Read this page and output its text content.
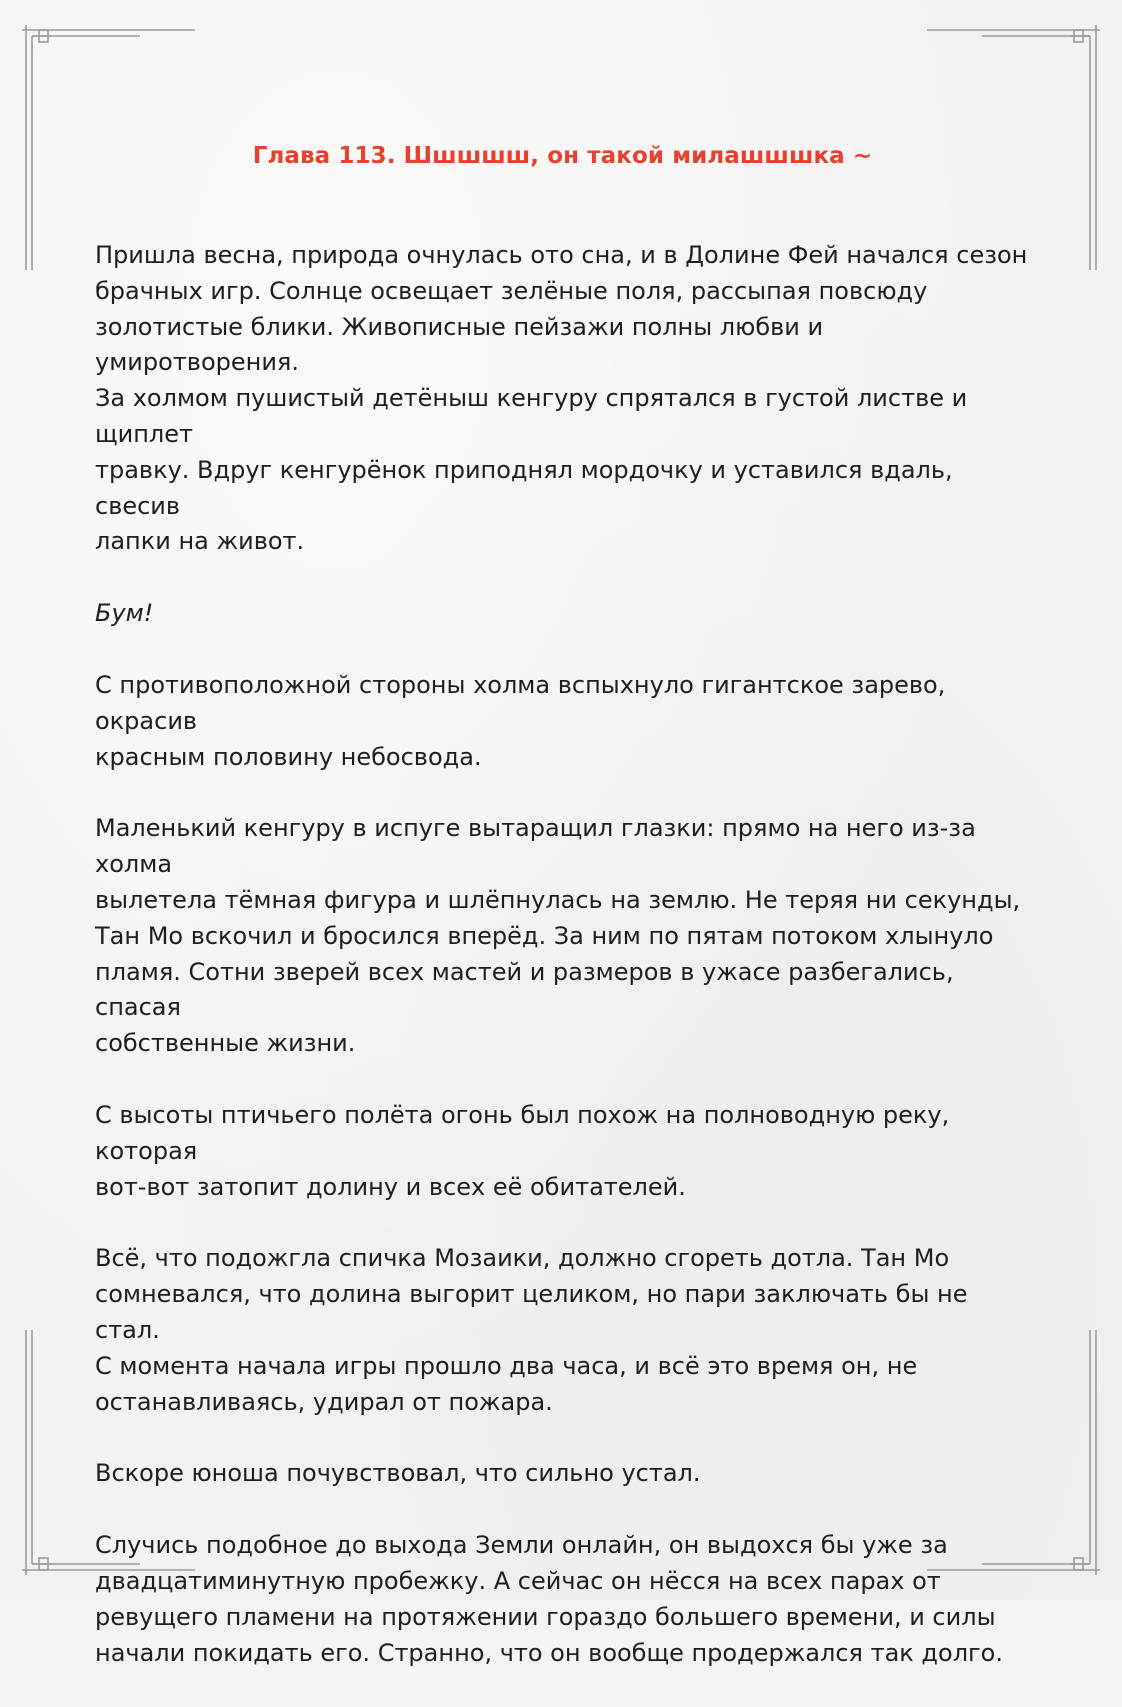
Глава 113. Шшшшш, он такой милашшшка ~

Пришла весна, природа очнулась ото сна, и в Долине Фей начался сезон
брачных игр. Солнце освещает зелёные поля, рассыпая повсюду
золотистые блики. Живописные пейзажи полны любви и умиротворения.
За холмом пушистый детёныш кенгуру спрятался в густой листве и щиплет
травку. Вдруг кенгурёнок приподнял мордочку и уставился вдаль, свесив
лапки на живот.

Бум!

С противоположной стороны холма вспыхнуло гигантское зарево, окрасив
красным половину небосвода.

Маленький кенгуру в испуге вытаращил глазки: прямо на него из-за холма
вылетела тёмная фигура и шлёпнулась на землю. Не теряя ни секунды,
Тан Мо вскочил и бросился вперёд. За ним по пятам потоком хлынуло
пламя. Сотни зверей всех мастей и размеров в ужасе разбегались, спасая
собственные жизни.

С высоты птичьего полёта огонь был похож на полноводную реку, которая
вот-вот затопит долину и всех её обитателей.

Всё, что подожгла спичка Мозаики, должно сгореть дотла. Тан Мо
сомневался, что долина выгорит целиком, но пари заключать бы не стал.
С момента начала игры прошло два часа, и всё это время он, не
останавливаясь, удирал от пожара.

Вскоре юноша почувствовал, что сильно устал.

Случись подобное до выхода Земли онлайн, он выдохся бы уже за
двадцатиминутную пробежку. А сейчас он нёсся на всех парах от
ревущего пламени на протяжении гораздо большего времени, и силы
начали покидать его. Странно, что он вообще продержался так долго.
